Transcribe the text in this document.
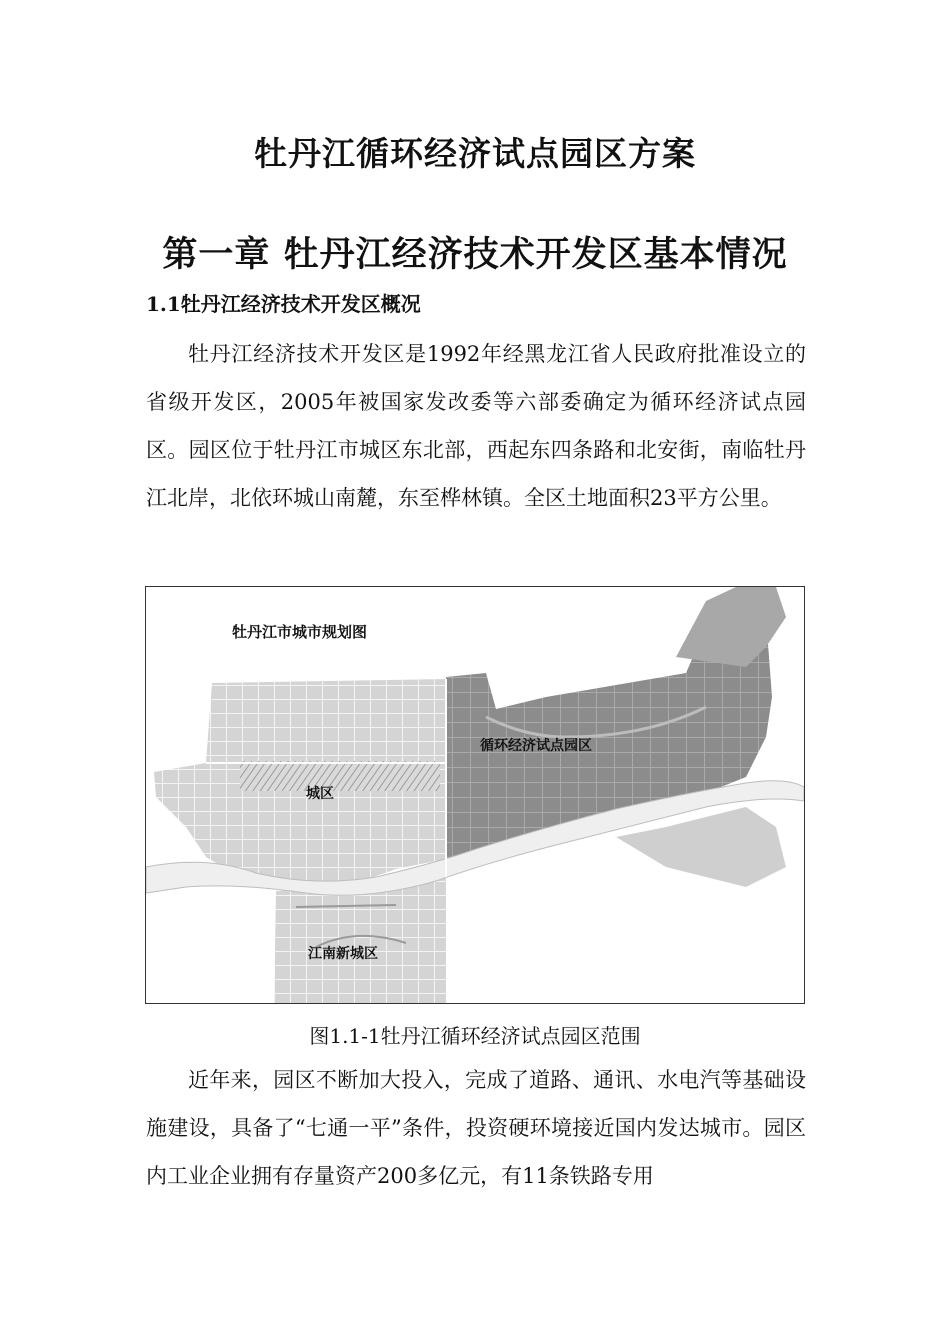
牡丹江循环经济试点园区方案
第一章 牡丹江经济技术开发区基本情况
1.1牡丹江经济技术开发区概况

牡丹江经济技术开发区是1992年经黑龙江省人民政府批准设立的省级开发区，2005年被国家发改委等六部委确定为循环经济试点园区。园区位于牡丹江市城区东北部，西起东四条路和北安街，南临牡丹江北岸，北依环城山南麓，东至桦林镇。全区土地面积23平方公里。

牡丹江市城市规划图
循环经济试点园区
城区
江南新城区
图1.1-1牡丹江循环经济试点园区范围

近年来，园区不断加大投入，完成了道路、通讯、水电汽等基础设施建设，具备了“七通一平”条件，投资硬环境接近国内发达城市。园区内工业企业拥有存量资产200多亿元，有11条铁路专用
